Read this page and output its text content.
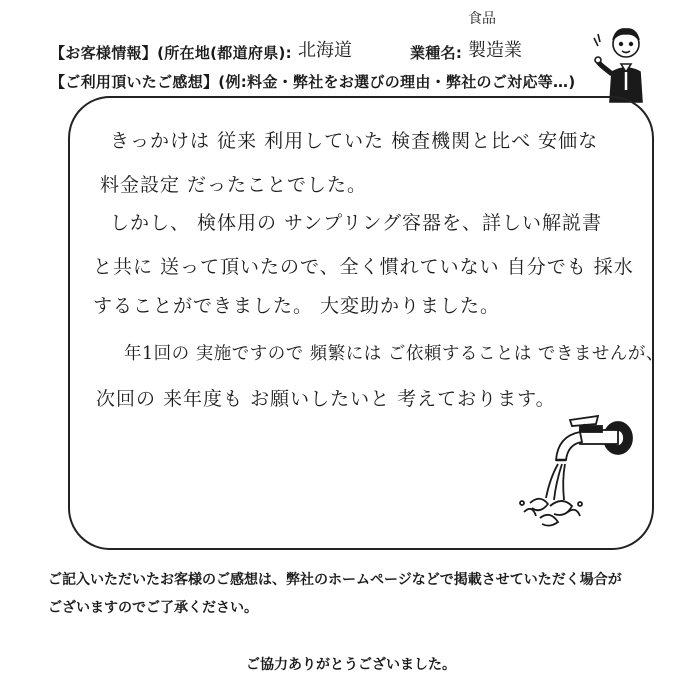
【お客様情報】(所在地(都道府県): 北海道	業種名:
食品
製造業
【ご利用頂いたご感想】(例:料金・弊社をお選びの理由・弊社のご対応等…)
きっかけは 従来 利用していた 検査機関と比べ 安価な
料金設定 だったことでした。
しかし、 検体用の サンプリング容器を、詳しい解説書
と共に 送って頂いたので、全く慣れていない 自分でも 採水
することができました。 大変助かりました。
年1回の 実施ですので 頻繁には ご依頼することは できませんが、
次回の 来年度も お願いしたいと 考えております。
ご記入いただいたお客様のご感想は、弊社のホームページなどで掲載させていただく場合が
ございますのでご了承ください。
ご協力ありがとうございました。
